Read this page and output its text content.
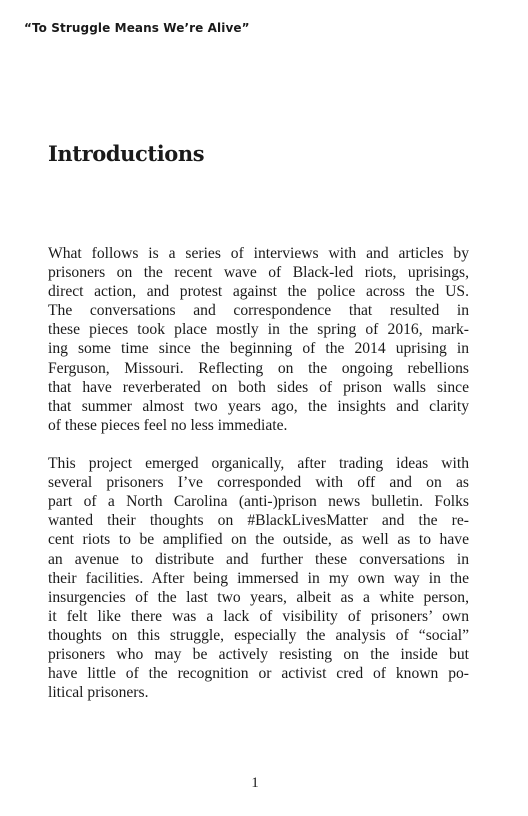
“To Struggle Means We’re Alive”
Introductions
What follows is a series of interviews with and articles by
prisoners on the recent wave of Black-led riots, uprisings,
direct action, and protest against the police across the US.
The conversations and correspondence that resulted in
these pieces took place mostly in the spring of 2016, mark-
ing some time since the beginning of the 2014 uprising in
Ferguson, Missouri. Reflecting on the ongoing rebellions
that have reverberated on both sides of prison walls since
that summer almost two years ago, the insights and clarity
of these pieces feel no less immediate.
This project emerged organically, after trading ideas with
several prisoners I’ve corresponded with off and on as
part of a North Carolina (anti-)prison news bulletin. Folks
wanted their thoughts on #BlackLivesMatter and the re-
cent riots to be amplified on the outside, as well as to have
an avenue to distribute and further these conversations in
their facilities. After being immersed in my own way in the
insurgencies of the last two years, albeit as a white person,
it felt like there was a lack of visibility of prisoners’ own
thoughts on this struggle, especially the analysis of “social”
prisoners who may be actively resisting on the inside but
have little of the recognition or activist cred of known po-
litical prisoners.
1
